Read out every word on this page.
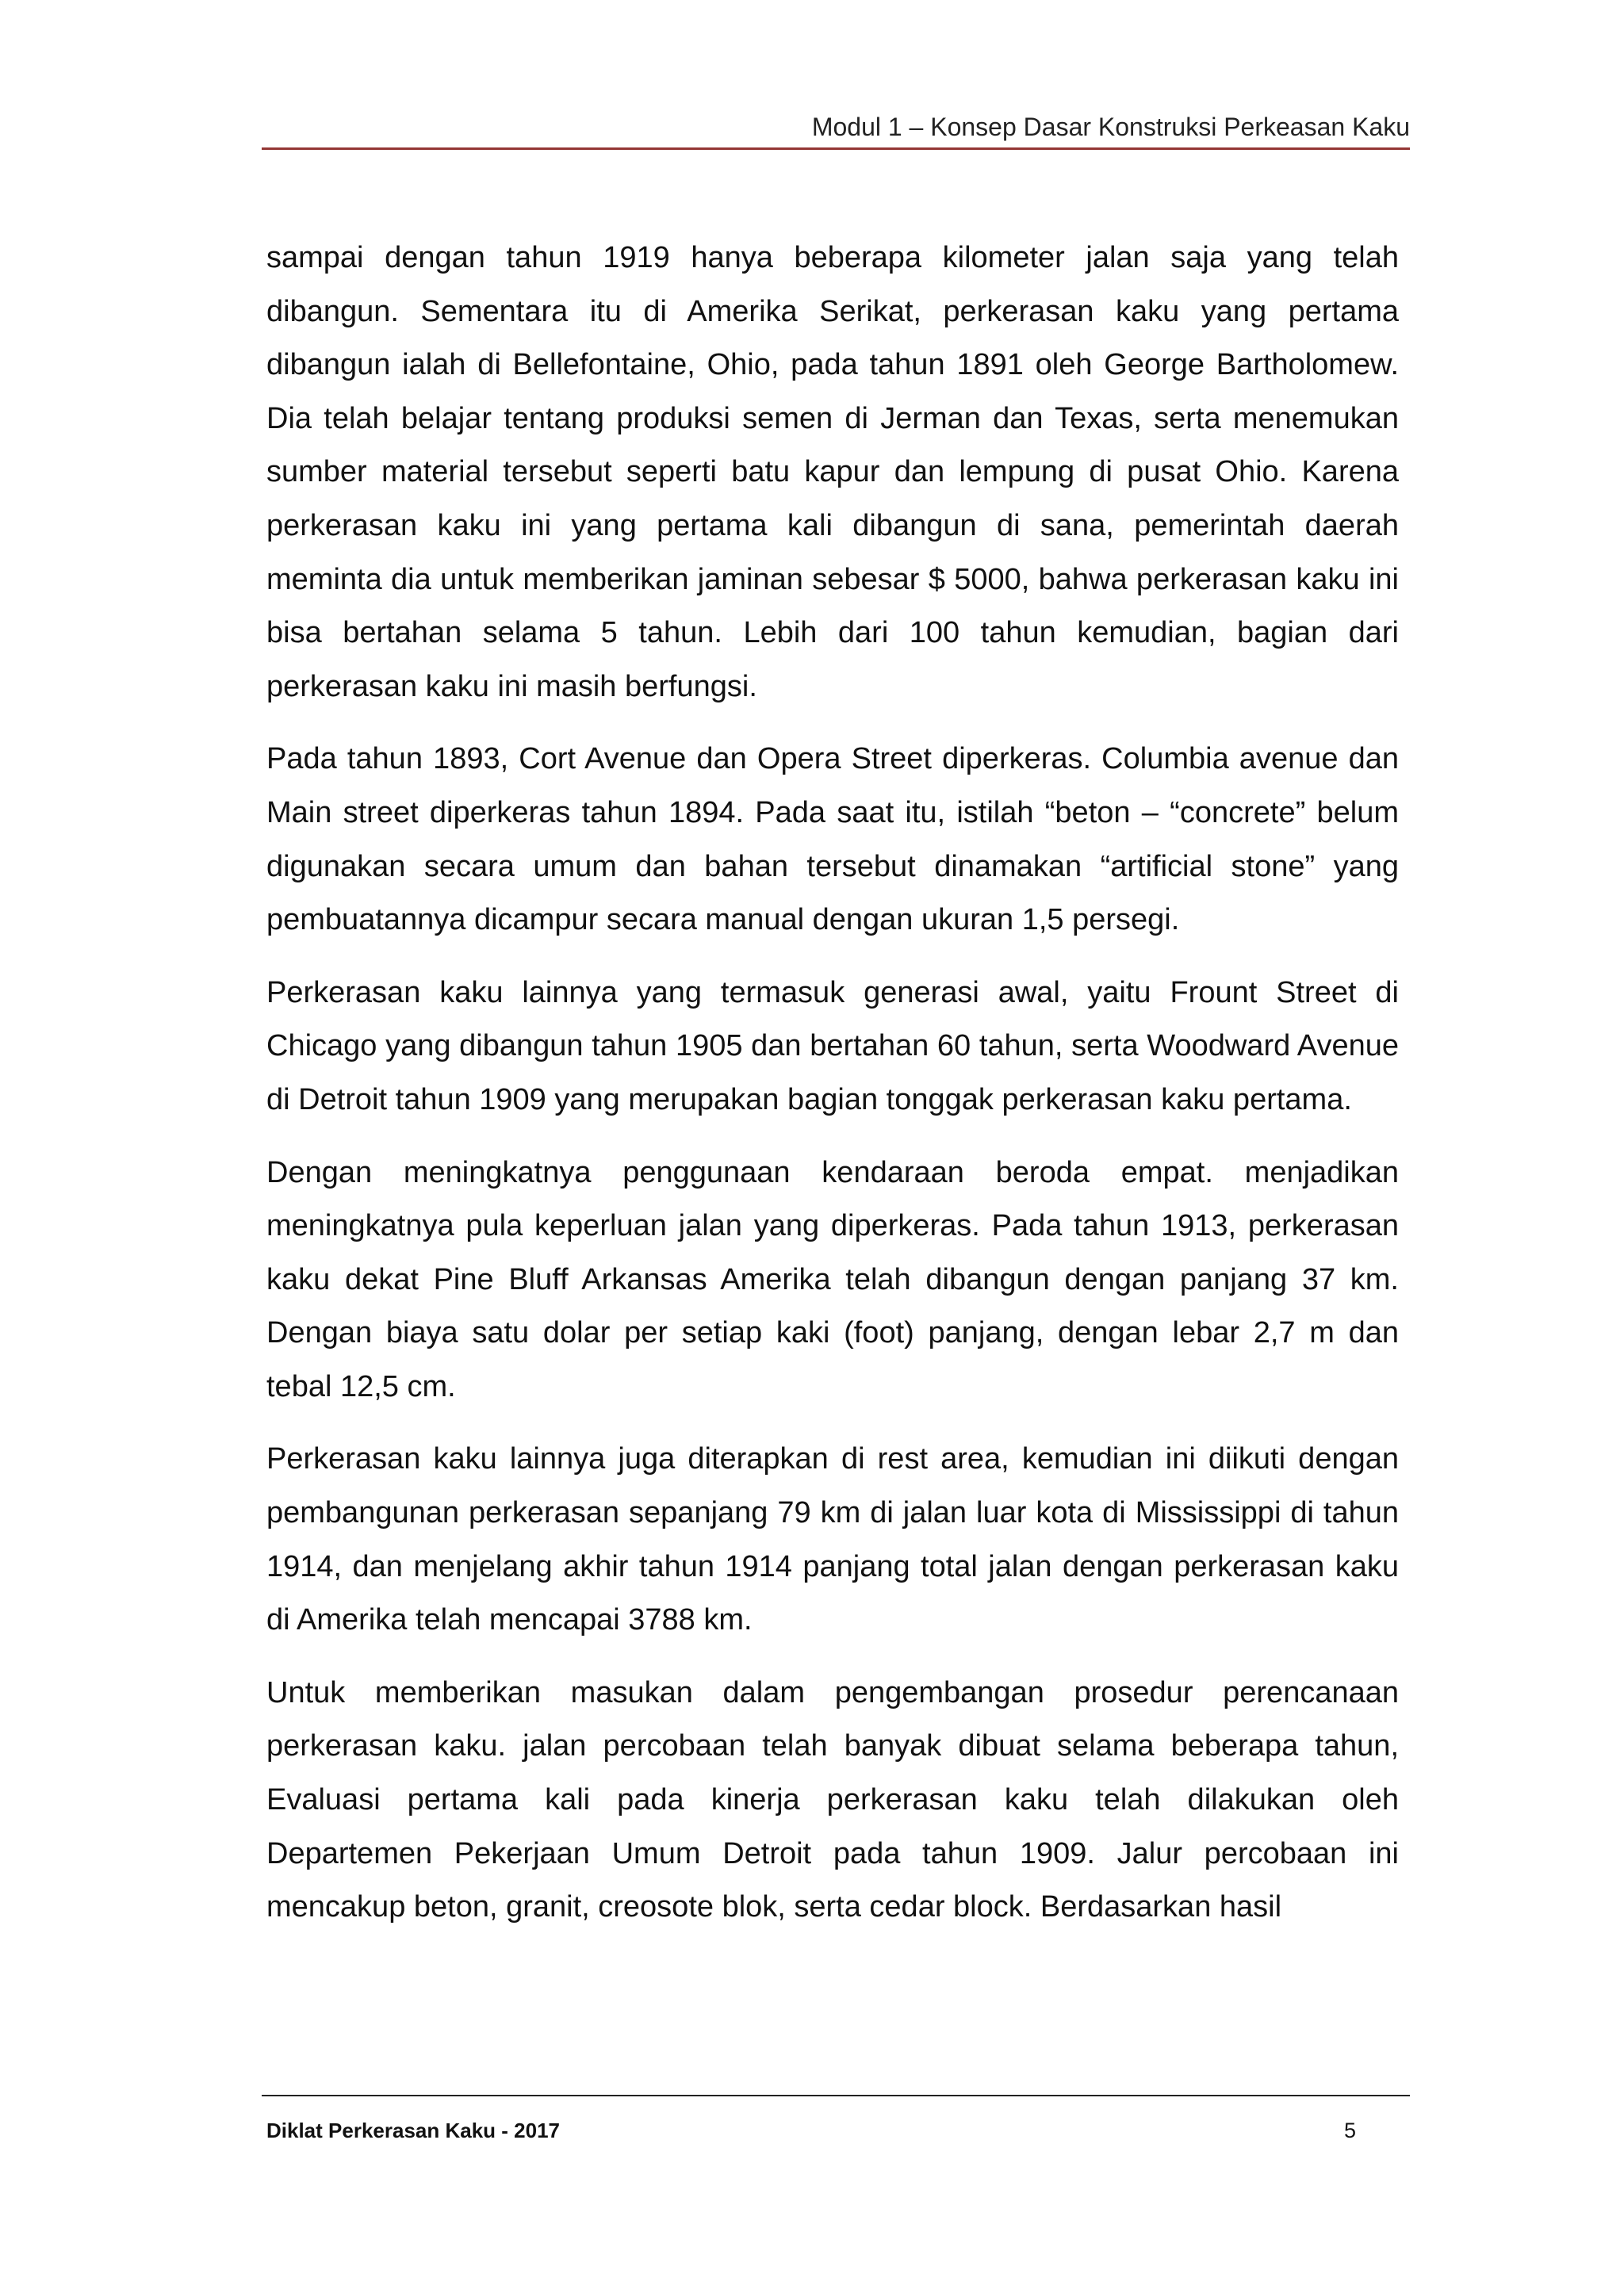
Modul 1 – Konsep Dasar Konstruksi Perkeasan Kaku

sampai dengan tahun 1919 hanya beberapa kilometer jalan saja yang telah dibangun. Sementara itu di Amerika Serikat, perkerasan kaku yang pertama dibangun ialah di Bellefontaine, Ohio, pada tahun 1891 oleh George Bartholomew. Dia telah belajar tentang produksi semen di Jerman dan Texas, serta menemukan sumber material tersebut seperti batu kapur dan lempung di pusat Ohio. Karena perkerasan kaku ini yang pertama kali dibangun di sana, pemerintah daerah meminta dia untuk memberikan jaminan sebesar $ 5000, bahwa perkerasan kaku ini bisa bertahan selama 5 tahun. Lebih dari 100 tahun kemudian, bagian dari perkerasan kaku ini masih berfungsi.

Pada tahun 1893, Cort Avenue dan Opera Street diperkeras. Columbia avenue dan Main street diperkeras tahun 1894. Pada saat itu, istilah “beton – “concrete” belum digunakan secara umum dan bahan tersebut dinamakan “artificial stone” yang pembuatannya dicampur secara manual dengan ukuran 1,5 persegi.

Perkerasan kaku lainnya yang termasuk generasi awal, yaitu Frount Street di Chicago yang dibangun tahun 1905 dan bertahan 60 tahun, serta Woodward Avenue di Detroit tahun 1909 yang merupakan bagian tonggak perkerasan kaku pertama.

Dengan meningkatnya penggunaan kendaraan beroda empat. menjadikan meningkatnya pula keperluan jalan yang diperkeras. Pada tahun 1913, perkerasan kaku dekat Pine Bluff Arkansas Amerika telah dibangun dengan panjang 37 km. Dengan biaya satu dolar per setiap kaki (foot) panjang, dengan lebar 2,7 m dan tebal 12,5 cm.

Perkerasan kaku lainnya juga diterapkan di rest area, kemudian ini diikuti dengan pembangunan perkerasan sepanjang 79 km di jalan luar kota di Mississippi di tahun 1914, dan menjelang akhir tahun 1914 panjang total jalan dengan perkerasan kaku di Amerika telah mencapai 3788 km.

Untuk memberikan masukan dalam pengembangan prosedur perencanaan perkerasan kaku. jalan percobaan telah banyak dibuat selama beberapa tahun, Evaluasi pertama kali pada kinerja perkerasan kaku telah dilakukan oleh Departemen Pekerjaan Umum Detroit pada tahun 1909. Jalur percobaan ini mencakup beton, granit, creosote blok, serta cedar block. Berdasarkan hasil

Diklat Perkerasan Kaku - 2017	5
